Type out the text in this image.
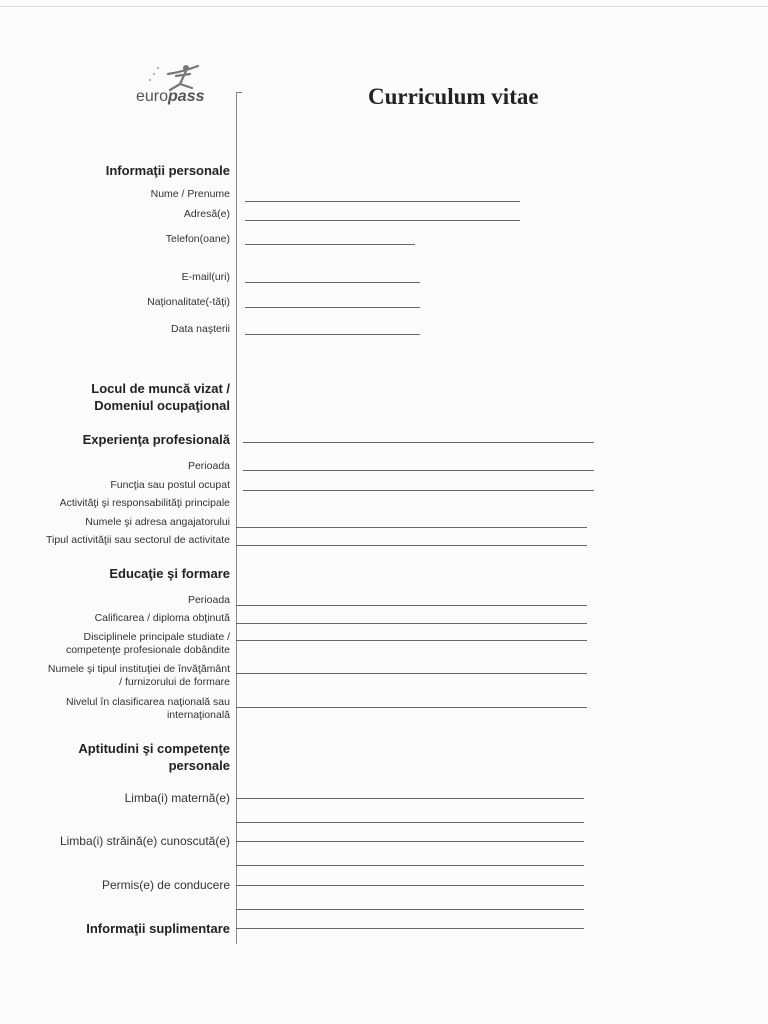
europass	Curriculum vitae
Informaţii personale
Nume / Prenume
Adresă(e)
Telefon(oane)
E-mail(uri)
Naţionalitate(-tăţi)
Data naşterii
Locul de muncă vizat /
Domeniul ocupaţional
Experienţa profesională
Perioada
Funcţia sau postul ocupat
Activităţi şi responsabilităţi principale
Numele şi adresa angajatorului
Tipul activităţii sau sectorul de activitate
Educaţie şi formare
Perioada
Calificarea / diploma obţinută
Disciplinele principale studiate /
competenţe profesionale dobândite
Numele şi tipul instituţiei de învăţământ
/ furnizorului de formare
Nivelul în clasificarea naţională sau
internaţională
Aptitudini şi competenţe
personale
Limba(i) maternă(e)
Limba(i) străină(e) cunoscută(e)
Permis(e) de conducere
Informaţii suplimentare
